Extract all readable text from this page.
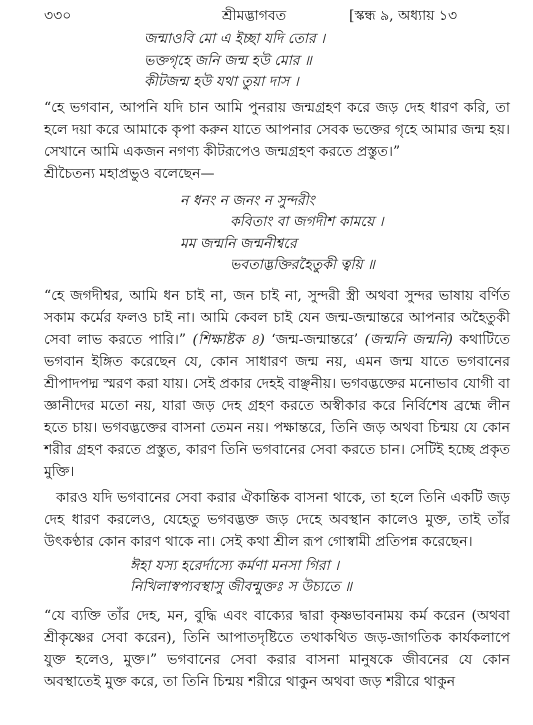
৩৩০	শ্রীমদ্ভাগবত	[স্কন্ধ ৯, অধ্যায় ১৩
জন্মাওবি মো এ ইচ্ছা যদি তোর ।
ভক্তগৃহে জনি জন্ম হউ মোর ॥
কীটজন্ম হউ যথা তুয়া দাস ।

“হে ভগবান, আপনি যদি চান আমি পুনরায় জন্মগ্রহণ করে জড় দেহ ধারণ করি, তা হলে দয়া করে আমাকে কৃপা করুন যাতে আপনার সেবক ভক্তের গৃহে আমার জন্ম হয়। সেখানে আমি একজন নগণ্য কীটরূপেও জন্মগ্রহণ করতে প্রস্তুত।”

শ্রীচৈতন্য মহাপ্রভুও বলেছেন—

ন ধনং ন জনং ন সুন্দরীং
কবিতাং বা জগদীশ কাময়ে ।
মম জন্মনি জন্মনীশ্বরে
ভবতাদ্ভক্তিরহৈতুকী ত্বয়ি ॥

“হে জগদীশ্বর, আমি ধন চাই না, জন চাই না, সুন্দরী স্ত্রী অথবা সুন্দর ভাষায় বর্ণিত সকাম কর্মের ফলও চাই না। আমি কেবল চাই যেন জন্ম-জন্মান্তরে আপনার অহৈতুকী সেবা লাভ করতে পারি।” (শিক্ষাষ্টক ৪) ‘জন্ম-জন্মান্তরে’ (জন্মনি জন্মনি) কথাটিতে ভগবান ইঙ্গিত করেছেন যে, কোন সাধারণ জন্ম নয়, এমন জন্ম যাতে ভগবানের শ্রীপাদপদ্ম স্মরণ করা যায়। সেই প্রকার দেহই বাঞ্ছনীয়। ভগবদ্ভক্তের মনোভাব যোগী বা জ্ঞানীদের মতো নয়, যারা জড় দেহ গ্রহণ করতে অস্বীকার করে নির্বিশেষ ব্রহ্মে লীন হতে চায়। ভগবদ্ভক্তের বাসনা তেমন নয়। পক্ষান্তরে, তিনি জড় অথবা চিন্ময় যে কোন শরীর গ্রহণ করতে প্রস্তুত, কারণ তিনি ভগবানের সেবা করতে চান। সেটিই হচ্ছে প্রকৃত মুক্তি।

কারও যদি ভগবানের সেবা করার ঐকান্তিক বাসনা থাকে, তা হলে তিনি একটি জড় দেহ ধারণ করলেও, যেহেতু ভগবদ্ভক্ত জড় দেহে অবস্থান কালেও মুক্ত, তাই তাঁর উৎকণ্ঠার কোন কারণ থাকে না। সেই কথা শ্রীল রূপ গোস্বামী প্রতিপন্ন করেছেন।

ঈহা যস্য হরের্দাস্যে কর্মণা মনসা গিরা ।
নিখিলাস্বপ্যবস্থাসু জীবন্মুক্তঃ স উচ্যতে ॥

“যে ব্যক্তি তাঁর দেহ, মন, বুদ্ধি এবং বাক্যের দ্বারা কৃষ্ণভাবনাময় কর্ম করেন (অথবা শ্রীকৃষ্ণের সেবা করেন), তিনি আপাতদৃষ্টিতে তথাকথিত জড়-জাগতিক কার্যকলাপে যুক্ত হলেও, মুক্ত।” ভগবানের সেবা করার বাসনা মানুষকে জীবনের যে কোন অবস্থাতেই মুক্ত করে, তা তিনি চিন্ময় শরীরে থাকুন অথবা জড় শরীরে থাকুন
